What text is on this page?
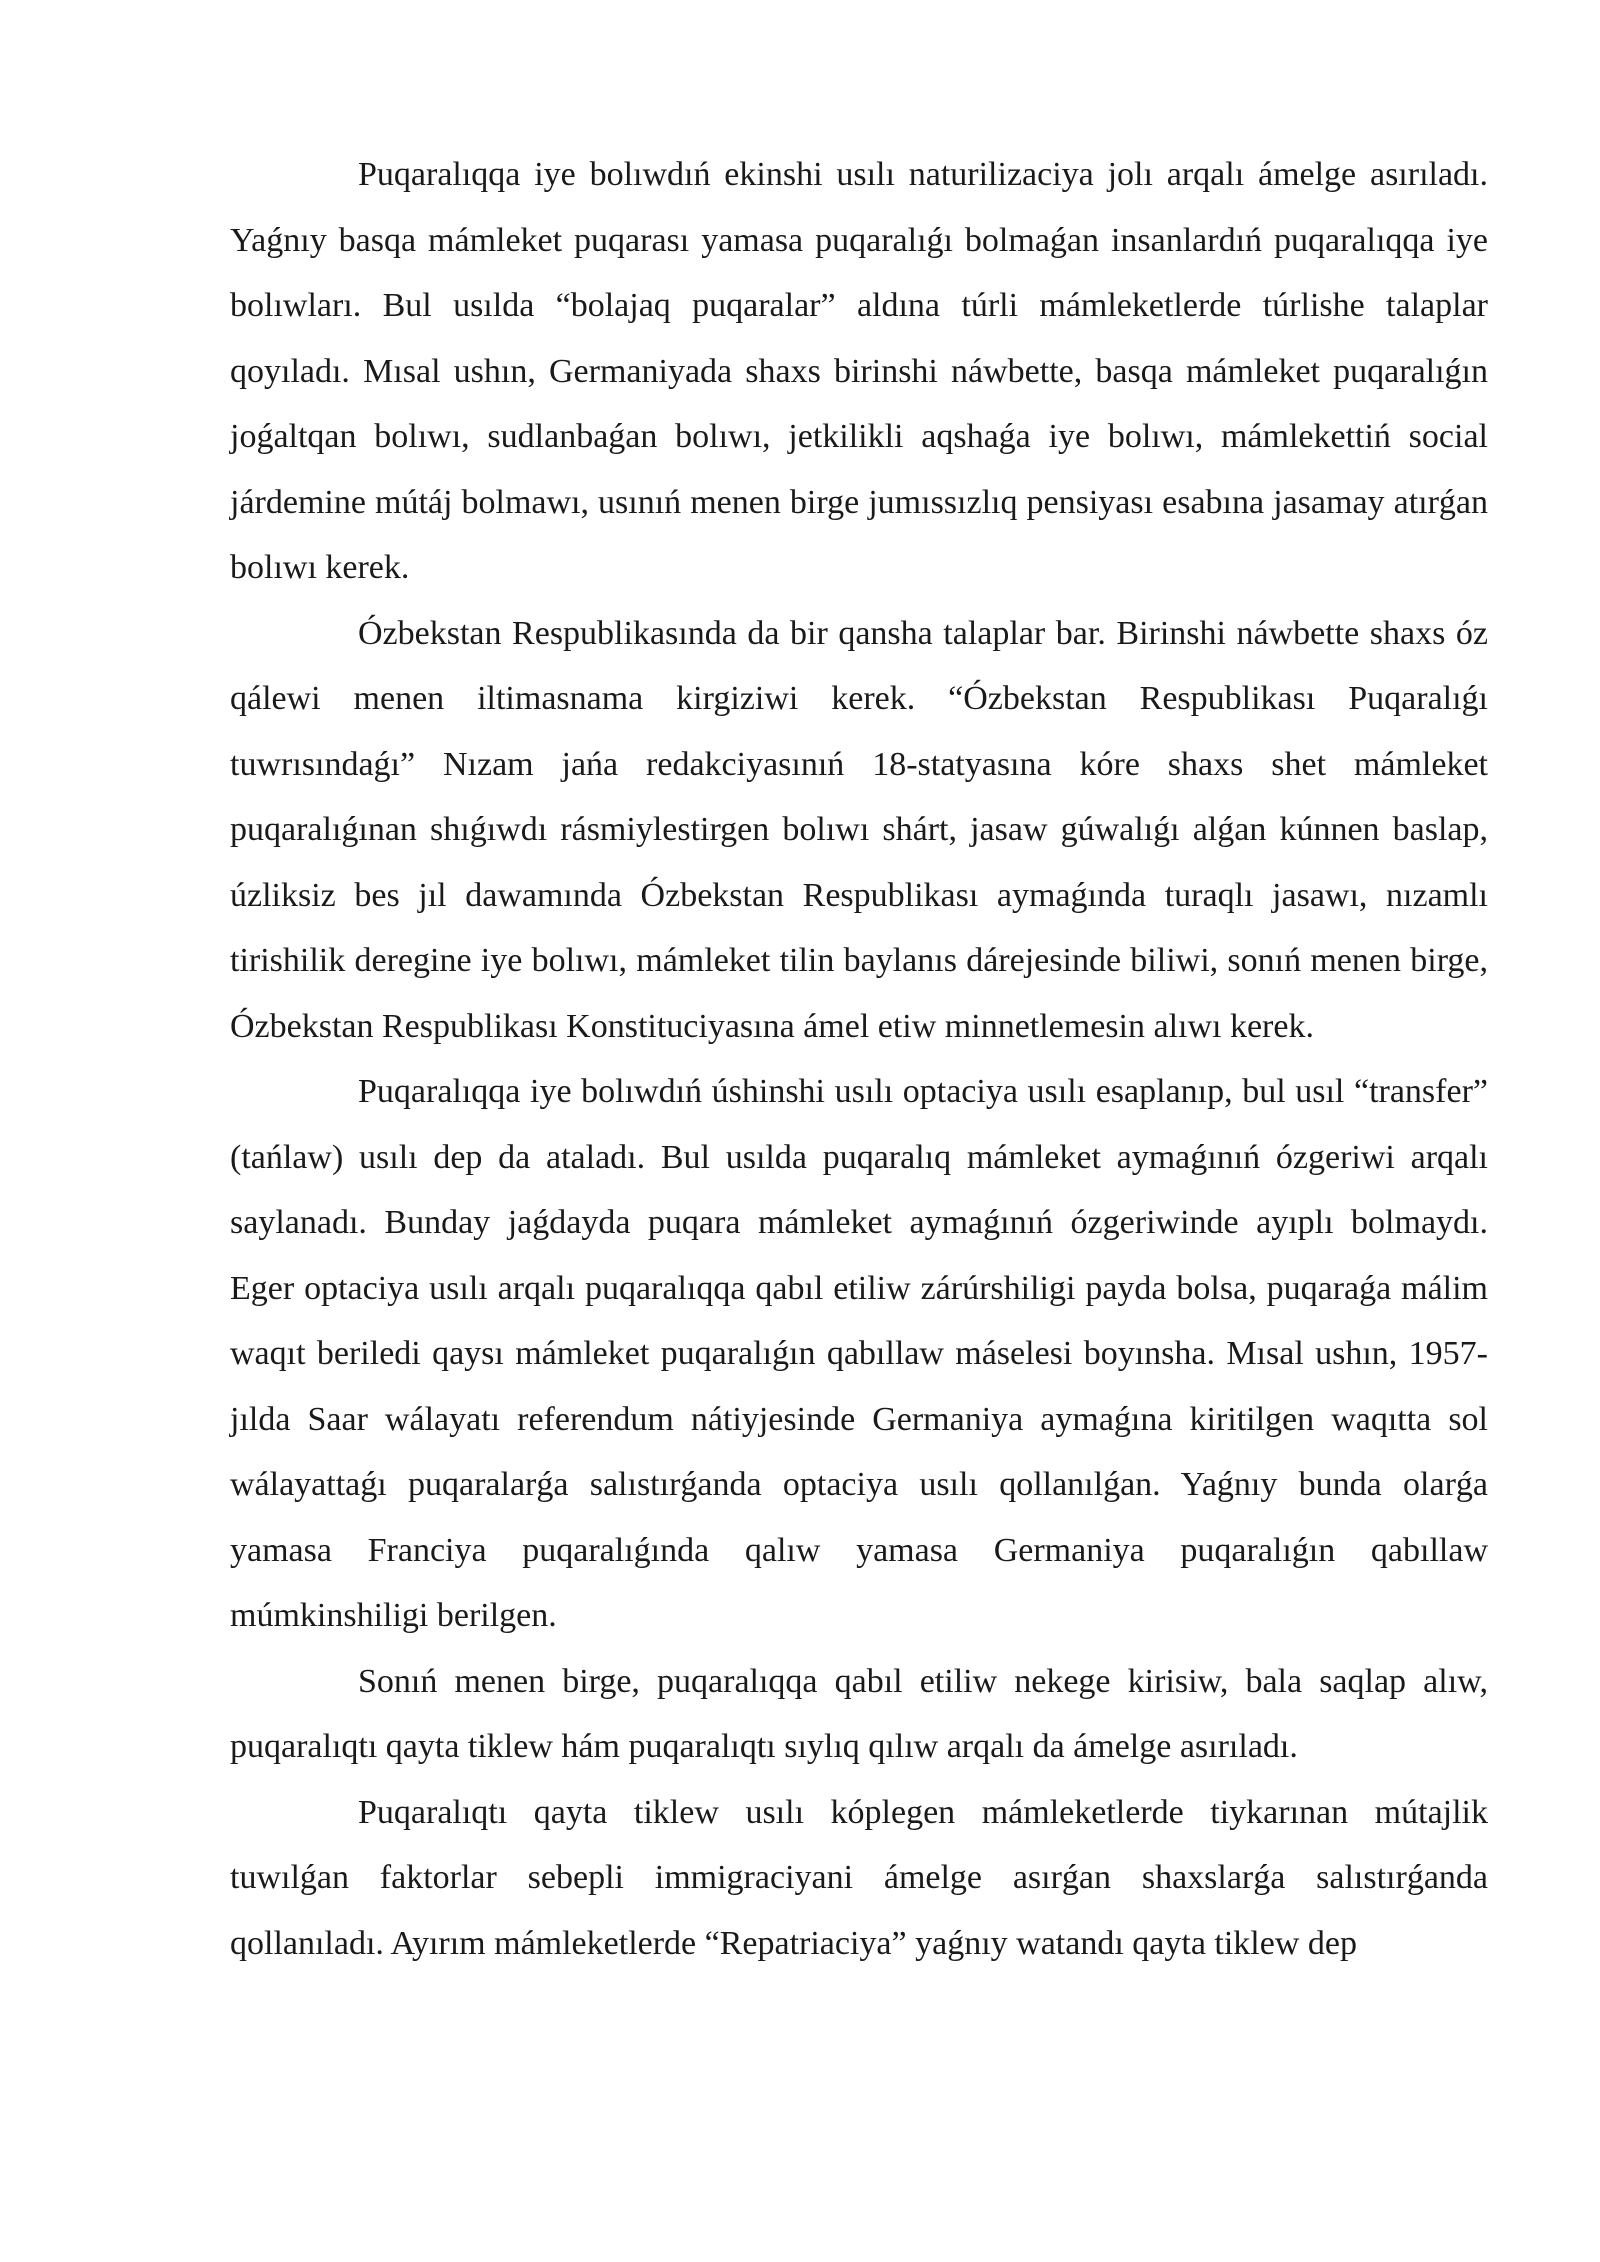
Puqaralıqqa iye bolıwdıń ekinshi usılı naturilizaciya jolı arqalı ámelge asırıladı. Yaǵnıy basqa mámleket puqarası yamasa puqaralıǵı bolmaǵan insanlardıń puqaralıqqa iye bolıwları. Bul usılda “bolajaq puqaralar” aldına túrli mámleketlerde túrlishe talaplar qoyıladı. Mısal ushın, Germaniyada shaxs birinshi náwbette, basqa mámleket puqaralıǵın joǵaltqan bolıwı, sudlanbaǵan bolıwı, jetkilikli aqshaǵa iye bolıwı, mámlekettiń social járdemine mútáj bolmawı, usınıń menen birge jumıssızlıq pensiyası esabına jasamay atırǵan bolıwı kerek.

Ózbekstan Respublikasında da bir qansha talaplar bar. Birinshi náwbette shaxs óz qálewi menen iltimasnama kirgiziwi kerek. “Ózbekstan Respublikası Puqaralıǵı tuwrısındaǵı” Nızam jańa redakciyasınıń 18-statyasına kóre shaxs shet mámleket puqaralıǵınan shıǵıwdı rásmiylestirgen bolıwı shárt, jasaw gúwalıǵı alǵan kúnnen baslap, úzliksiz bes jıl dawamında Ózbekstan Respublikası aymaǵında turaqlı jasawı, nızamlı tirishilik deregine iye bolıwı, mámleket tilin baylanıs dárejesinde biliwi, sonıń menen birge, Ózbekstan Respublikası Konstituciyasına ámel etiw minnetlemesin alıwı kerek.

Puqaralıqqa iye bolıwdıń úshinshi usılı optaciya usılı esaplanıp, bul usıl “transfer” (tańlaw) usılı dep da ataladı. Bul usılda puqaralıq mámleket aymaǵınıń ózgeriwi arqalı saylanadı. Bunday jaǵdayda puqara mámleket aymaǵınıń ózgeriwinde ayıplı bolmaydı. Eger optaciya usılı arqalı puqaralıqqa qabıl etiliw zárúrshiligi payda bolsa, puqaraǵa málim waqıt beriledi qaysı mámleket puqaralıǵın qabıllaw máselesi boyınsha. Mısal ushın, 1957-jılda Saar wálayatı referendum nátiyjesinde Germaniya aymaǵına kiritilgen waqıtta sol wálayattaǵı puqaralarǵa salıstırǵanda optaciya usılı qollanılǵan. Yaǵnıy bunda olarǵa yamasa Franciya puqaralıǵında qalıw yamasa Germaniya puqaralıǵın qabıllaw múmkinshiligi berilgen.

Sonıń menen birge, puqaralıqqa qabıl etiliw nekege kirisiw, bala saqlap alıw, puqaralıqtı qayta tiklew hám puqaralıqtı sıylıq qılıw arqalı da ámelge asırıladı.

Puqaralıqtı qayta tiklew usılı kóplegen mámleketlerde tiykarınan mútajlik tuwılǵan faktorlar sebepli immigraciyani ámelge asırǵan shaxslarǵa salıstırǵanda qollanıladı. Ayırım mámleketlerde “Repatriaciya” yaǵnıy watandı qayta tiklew dep
